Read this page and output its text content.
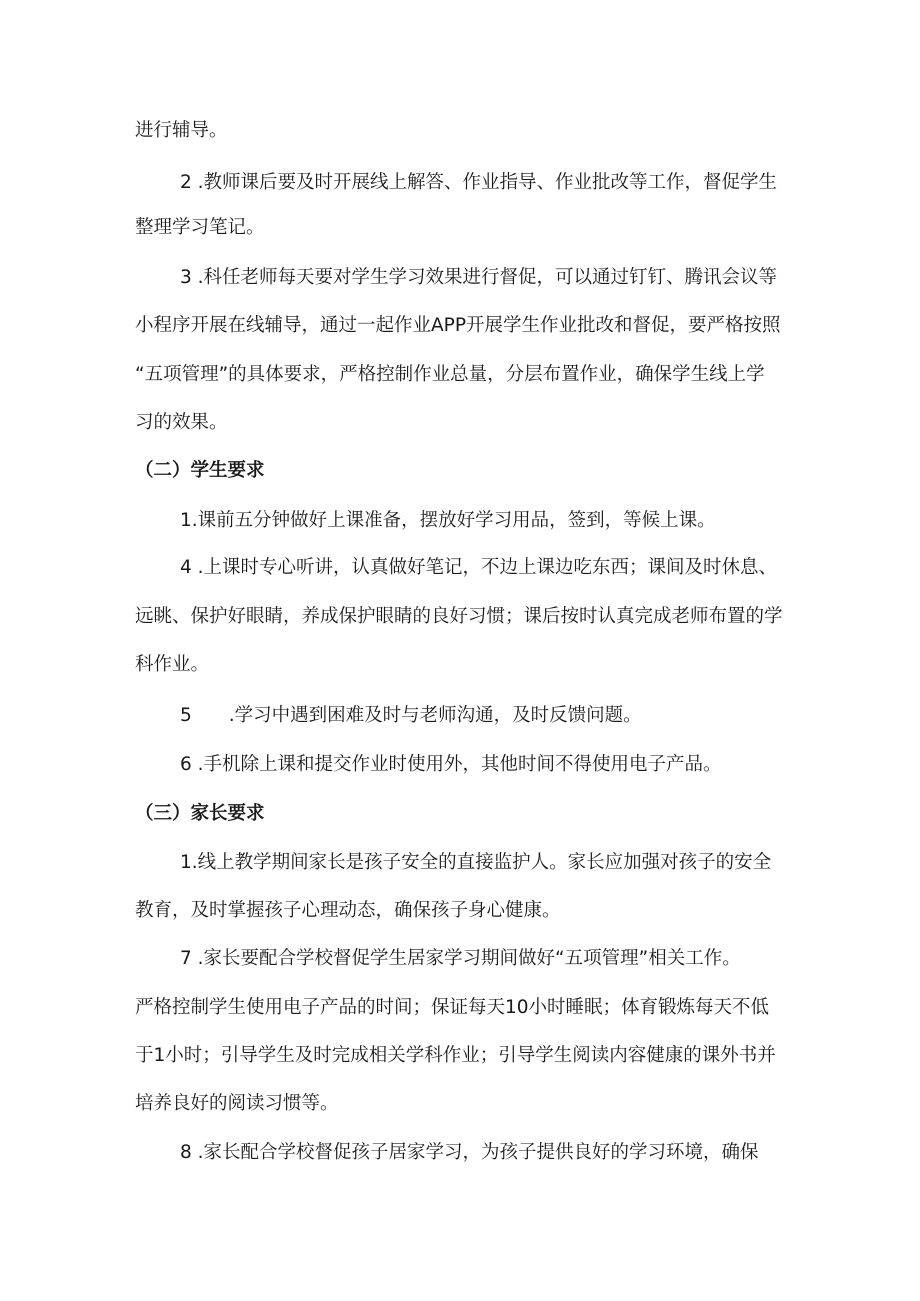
进行辅导。

2 .教师课后要及时开展线上解答、作业指导、作业批改等工作，督促学生

整理学习笔记。

3 .科任老师每天要对学生学习效果进行督促，可以通过钉钉、腾讯会议等

小程序开展在线辅导，通过一起作业APP开展学生作业批改和督促，要严格按照

“五项管理”的具体要求，严格控制作业总量，分层布置作业，确保学生线上学

习的效果。

（二）学生要求

1.课前五分钟做好上课准备，摆放好学习用品，签到，等候上课。

4 .上课时专心听讲，认真做好笔记，不边上课边吃东西；课间及时休息、

远眺、保护好眼睛，养成保护眼睛的良好习惯；课后按时认真完成老师布置的学

科作业。

5　　.学习中遇到困难及时与老师沟通，及时反馈问题。

6 .手机除上课和提交作业时使用外，其他时间不得使用电子产品。

（三）家长要求

1.线上教学期间家长是孩子安全的直接监护人。家长应加强对孩子的安全

教育，及时掌握孩子心理动态，确保孩子身心健康。

7 .家长要配合学校督促学生居家学习期间做好“五项管理”相关工作。

严格控制学生使用电子产品的时间；保证每天10小时睡眠；体育锻炼每天不低

于1小时；引导学生及时完成相关学科作业；引导学生阅读内容健康的课外书并

培养良好的阅读习惯等。

8 .家长配合学校督促孩子居家学习，为孩子提供良好的学习环境，确保
